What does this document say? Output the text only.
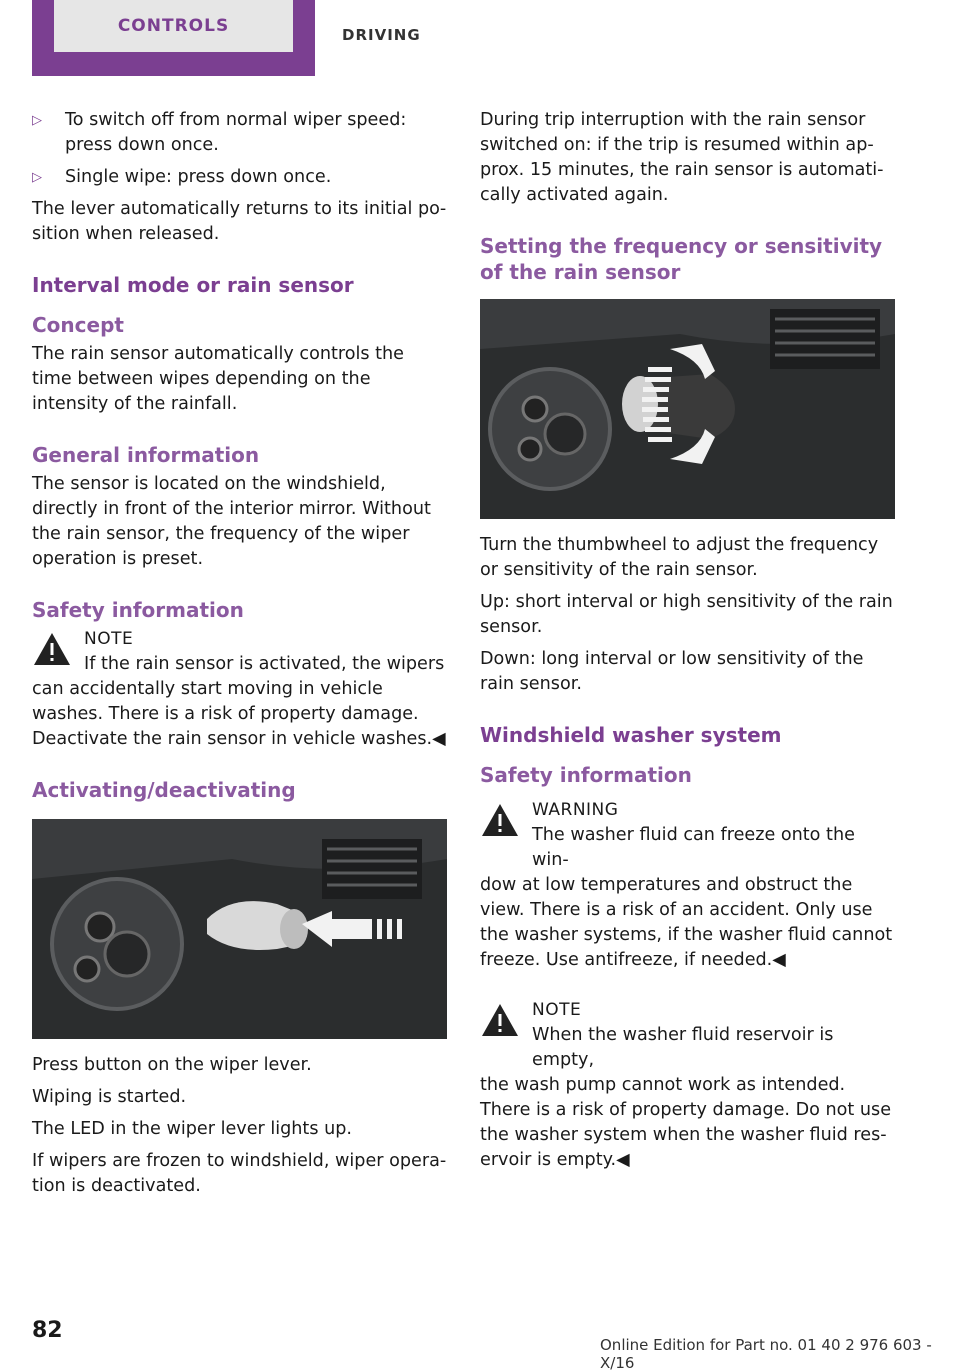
CONTROLS	DRIVING
▷	To switch off from normal wiper speed: press down once.
▷	Single wipe: press down once.

The lever automatically returns to its initial po‐ sition when released.

Interval mode or rain sensor
Concept

The rain sensor automatically controls the time between wipes depending on the intensity of the rainfall.

General information

The sensor is located on the windshield, directly in front of the interior mirror. Without the rain sensor, the frequency of the wiper operation is preset.

Safety information
NOTE
If the rain sensor is activated, the wipers
can accidentally start moving in vehicle washes. There is a risk of property damage. Deactivate the rain sensor in vehicle washes.◀
Activating/deactivating

Press button on the wiper lever.

Wiping is started.

The LED in the wiper lever lights up.

If wipers are frozen to windshield, wiper opera‐ tion is deactivated.

During trip interruption with the rain sensor switched on: if the trip is resumed within ap‐ prox. 15 minutes, the rain sensor is automati‐ cally activated again.

Setting the frequency or sensitivity of the rain sensor

Turn the thumbwheel to adjust the frequency or sensitivity of the rain sensor.

Up: short interval or high sensitivity of the rain sensor.

Down: long interval or low sensitivity of the rain sensor.

Windshield washer system
Safety information
WARNING
The washer fluid can freeze onto the win‐
dow at low temperatures and obstruct the view. There is a risk of an accident. Only use the washer systems, if the washer fluid cannot freeze. Use antifreeze, if needed.◀
NOTE
When the washer fluid reservoir is empty,
the wash pump cannot work as intended. There is a risk of property damage. Do not use the washer system when the washer fluid res‐ ervoir is empty.◀
82
Online Edition for Part no. 01 40 2 976 603 - X/16
